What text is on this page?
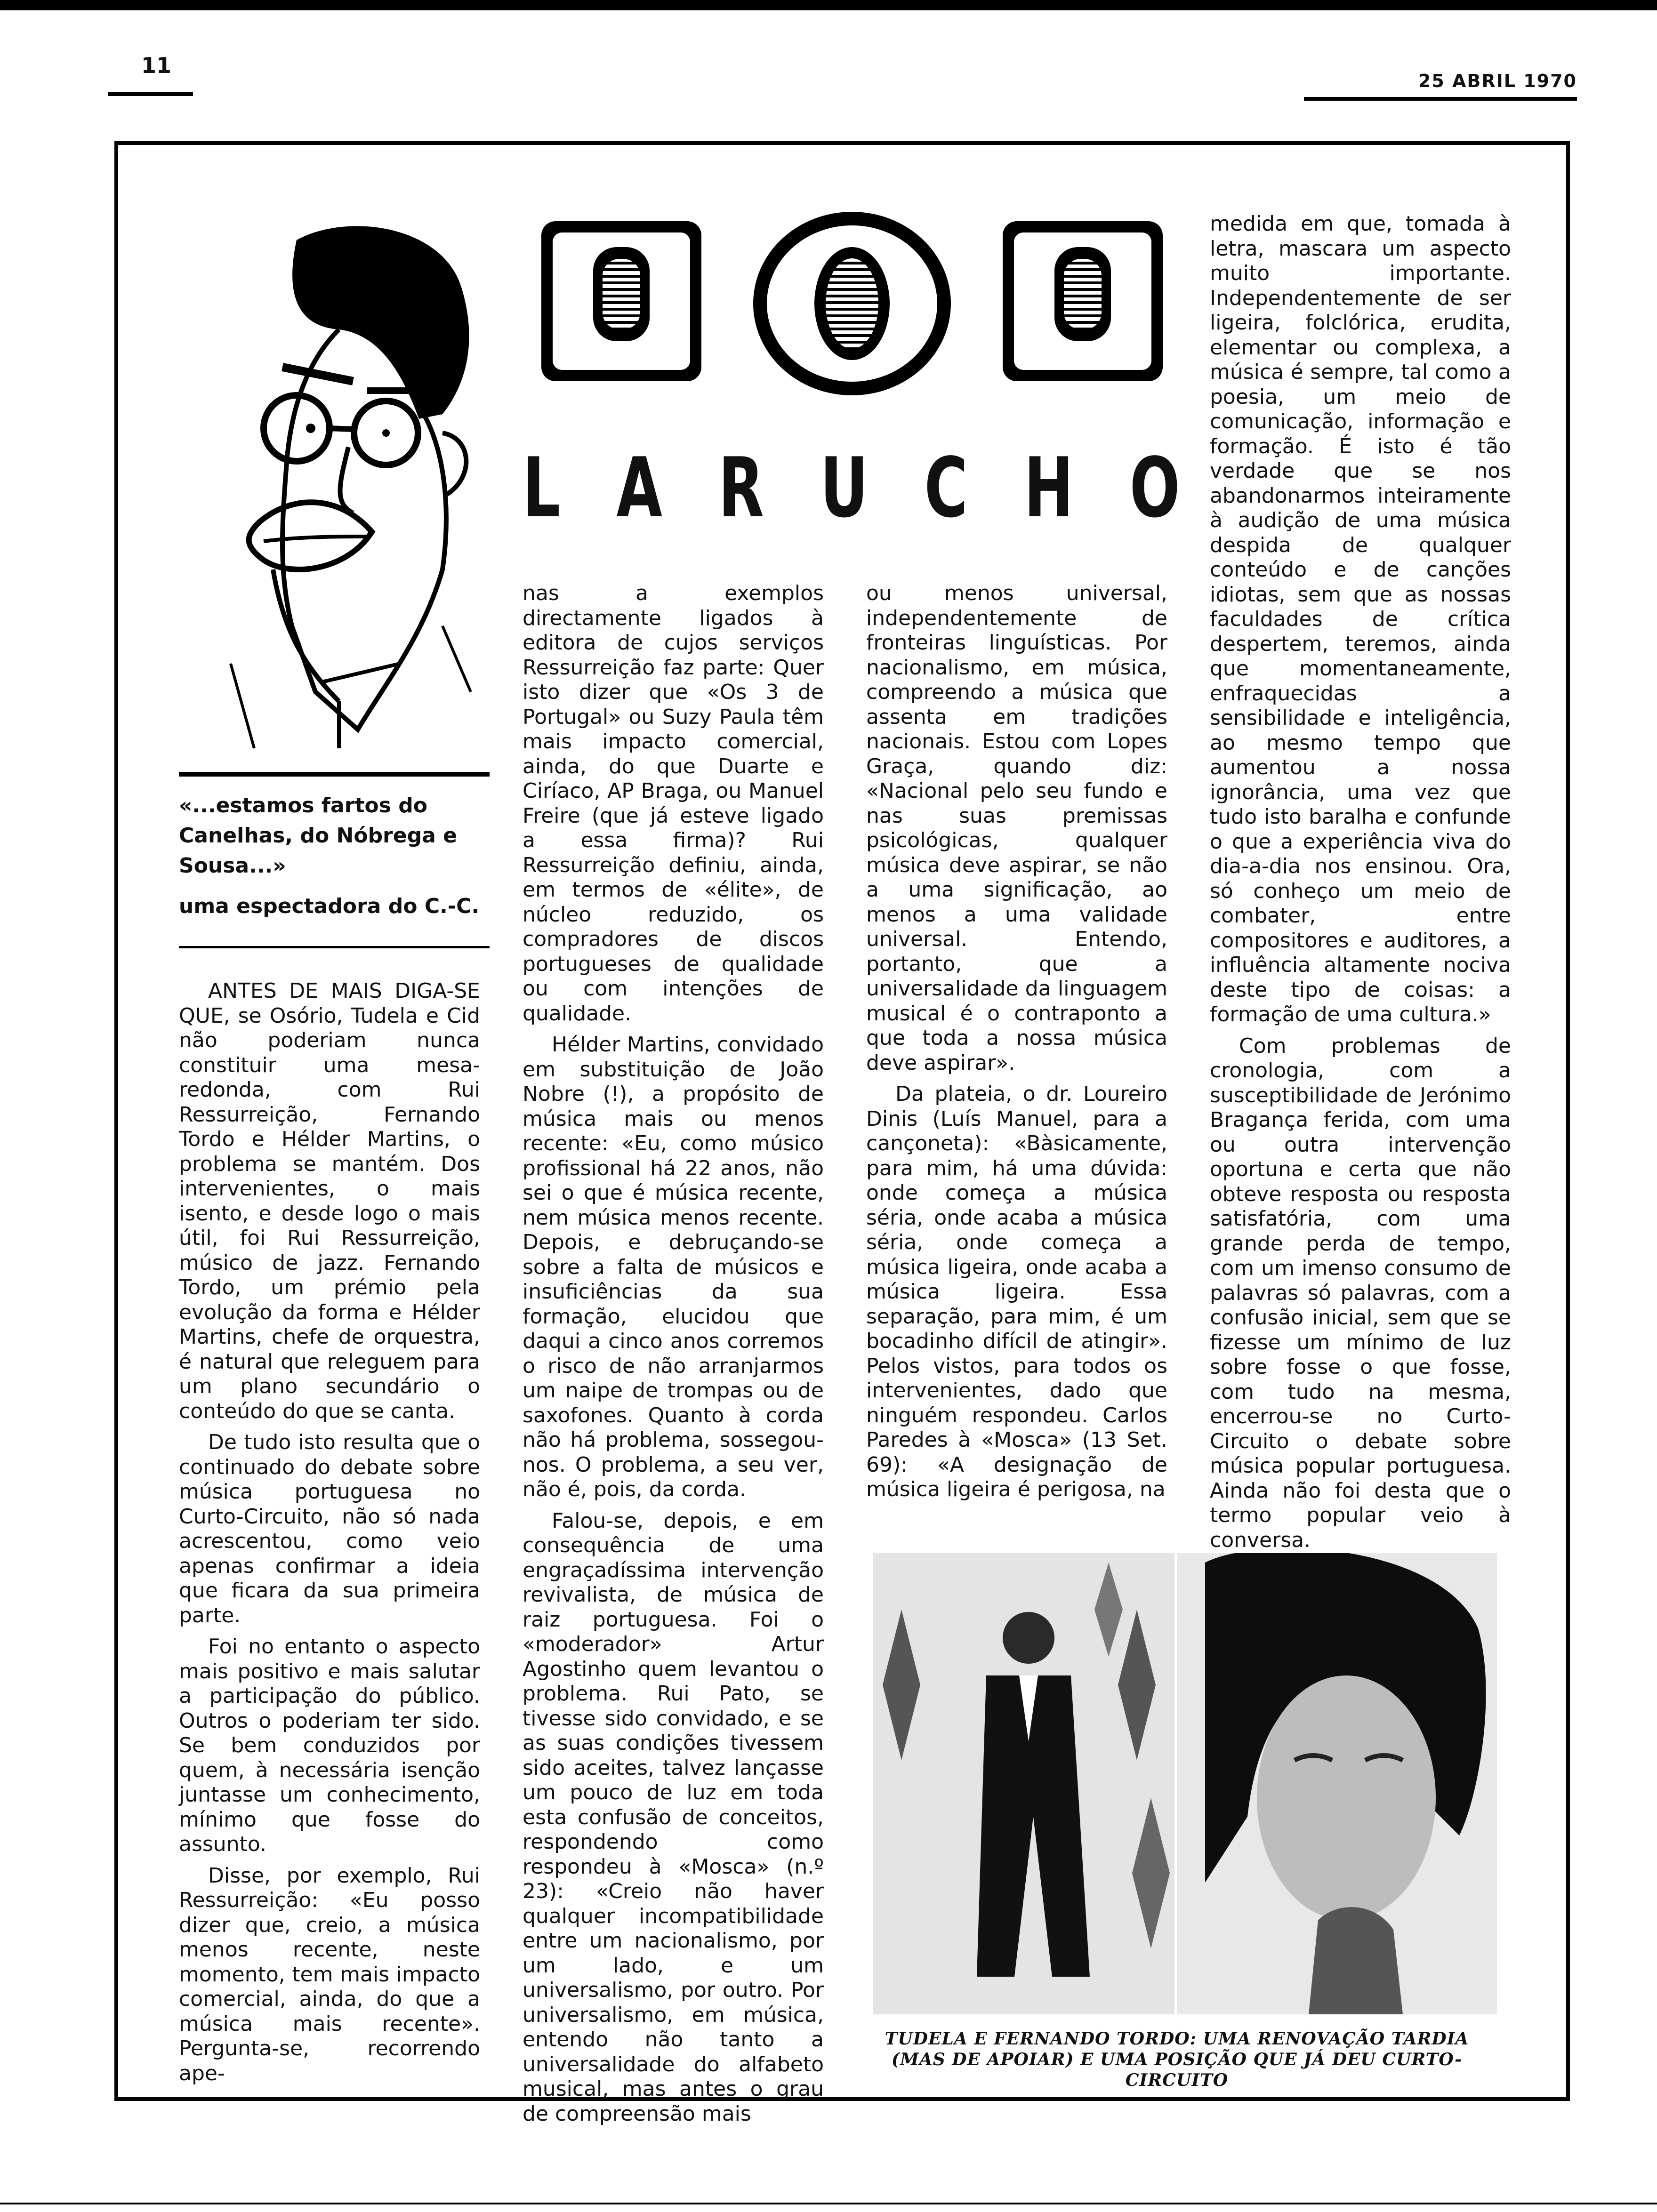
11
25 ABRIL 1970
«...estamos fartos do Canelhas, do Nóbrega e Sousa...»
uma espectadora do C.-C.
L A R U C H O

ANTES DE MAIS DIGA-SE QUE, se Osório, Tudela e Cid não poderiam nunca constituir uma mesa-redonda, com Rui Ressurreição, Fernando Tordo e Hélder Martins, o problema se mantém. Dos intervenientes, o mais isento, e desde logo o mais útil, foi Rui Ressurreição, músico de jazz. Fernando Tordo, um prémio pela evolução da forma e Hélder Martins, chefe de orquestra, é natural que releguem para um plano secundário o conteúdo do que se canta.

De tudo isto resulta que o continuado do debate sobre música portuguesa no Curto-Circuito, não só nada acrescentou, como veio apenas confirmar a ideia que ficara da sua primeira parte.

Foi no entanto o aspecto mais positivo e mais salutar a participação do público. Outros o poderiam ter sido. Se bem conduzidos por quem, à necessária isenção juntasse um conhecimento, mínimo que fosse do assunto.

Disse, por exemplo, Rui Ressurreição: «Eu posso dizer que, creio, a música menos recente, neste momento, tem mais impacto comercial, ainda, do que a música mais recente». Pergunta-se, recorrendo ape-

nas a exemplos directamente ligados à editora de cujos serviços Ressurreição faz parte: Quer isto dizer que «Os 3 de Portugal» ou Suzy Paula têm mais impacto comercial, ainda, do que Duarte e Ciríaco, AP Braga, ou Manuel Freire (que já esteve ligado a essa firma)? Rui Ressurreição definiu, ainda, em termos de «élite», de núcleo reduzido, os compradores de discos portugueses de qualidade ou com intenções de qualidade.

Hélder Martins, convidado em substituição de João Nobre (!), a propósito de música mais ou menos recente: «Eu, como músico profissional há 22 anos, não sei o que é música recente, nem música menos recente. Depois, e debruçando-se sobre a falta de músicos e insuficiências da sua formação, elucidou que daqui a cinco anos corremos o risco de não arranjarmos um naipe de trompas ou de saxofones. Quanto à corda não há problema, sossegou-nos. O problema, a seu ver, não é, pois, da corda.

Falou-se, depois, e em consequência de uma engraçadíssima intervenção revivalista, de música de raiz portuguesa. Foi o «moderador» Artur Agostinho quem levantou o problema. Rui Pato, se tivesse sido convidado, e se as suas condições tivessem sido aceites, talvez lançasse um pouco de luz em toda esta confusão de conceitos, respondendo como respondeu à «Mosca» (n.º 23): «Creio não haver qualquer incompatibilidade entre um nacionalismo, por um lado, e um universalismo, por outro. Por universalismo, em música, entendo não tanto a universalidade do alfabeto musical, mas antes o grau de compreensão mais

ou menos universal, independentemente de fronteiras linguísticas. Por nacionalismo, em música, compreendo a música que assenta em tradições nacionais. Estou com Lopes Graça, quando diz: «Nacional pelo seu fundo e nas suas premissas psicológicas, qualquer música deve aspirar, se não a uma significação, ao menos a uma validade universal. Entendo, portanto, que a universalidade da linguagem musical é o contraponto a que toda a nossa música deve aspirar».

Da plateia, o dr. Loureiro Dinis (Luís Manuel, para a cançoneta): «Bàsicamente, para mim, há uma dúvida: onde começa a música séria, onde acaba a música séria, onde começa a música ligeira, onde acaba a música ligeira. Essa separação, para mim, é um bocadinho difícil de atingir». Pelos vistos, para todos os intervenientes, dado que ninguém respondeu. Carlos Paredes à «Mosca» (13 Set. 69): «A designação de música ligeira é perigosa, na

medida em que, tomada à letra, mascara um aspecto muito importante. Independentemente de ser ligeira, folclórica, erudita, elementar ou complexa, a música é sempre, tal como a poesia, um meio de comunicação, informação e formação. É isto é tão verdade que se nos abandonarmos inteiramente à audição de uma música despida de qualquer conteúdo e de canções idiotas, sem que as nossas faculdades de crítica despertem, teremos, ainda que momentaneamente, enfraquecidas a sensibilidade e inteligência, ao mesmo tempo que aumentou a nossa ignorância, uma vez que tudo isto baralha e confunde o que a experiência viva do dia-a-dia nos ensinou. Ora, só conheço um meio de combater, entre compositores e auditores, a influência altamente nociva deste tipo de coisas: a formação de uma cultura.»

Com problemas de cronologia, com a susceptibilidade de Jerónimo Bragança ferida, com uma ou outra intervenção oportuna e certa que não obteve resposta ou resposta satisfatória, com uma grande perda de tempo, com um imenso consumo de palavras só palavras, com a confusão inicial, sem que se fizesse um mínimo de luz sobre fosse o que fosse, com tudo na mesma, encerrou-se no Curto-Circuito o debate sobre música popular portuguesa. Ainda não foi desta que o termo popular veio à conversa.

TUDELA E FERNANDO TORDO: UMA RENOVAÇÃO TARDIA (MAS DE APOIAR) E UMA POSIÇÃO QUE JÁ DEU CURTO-CIRCUITO
